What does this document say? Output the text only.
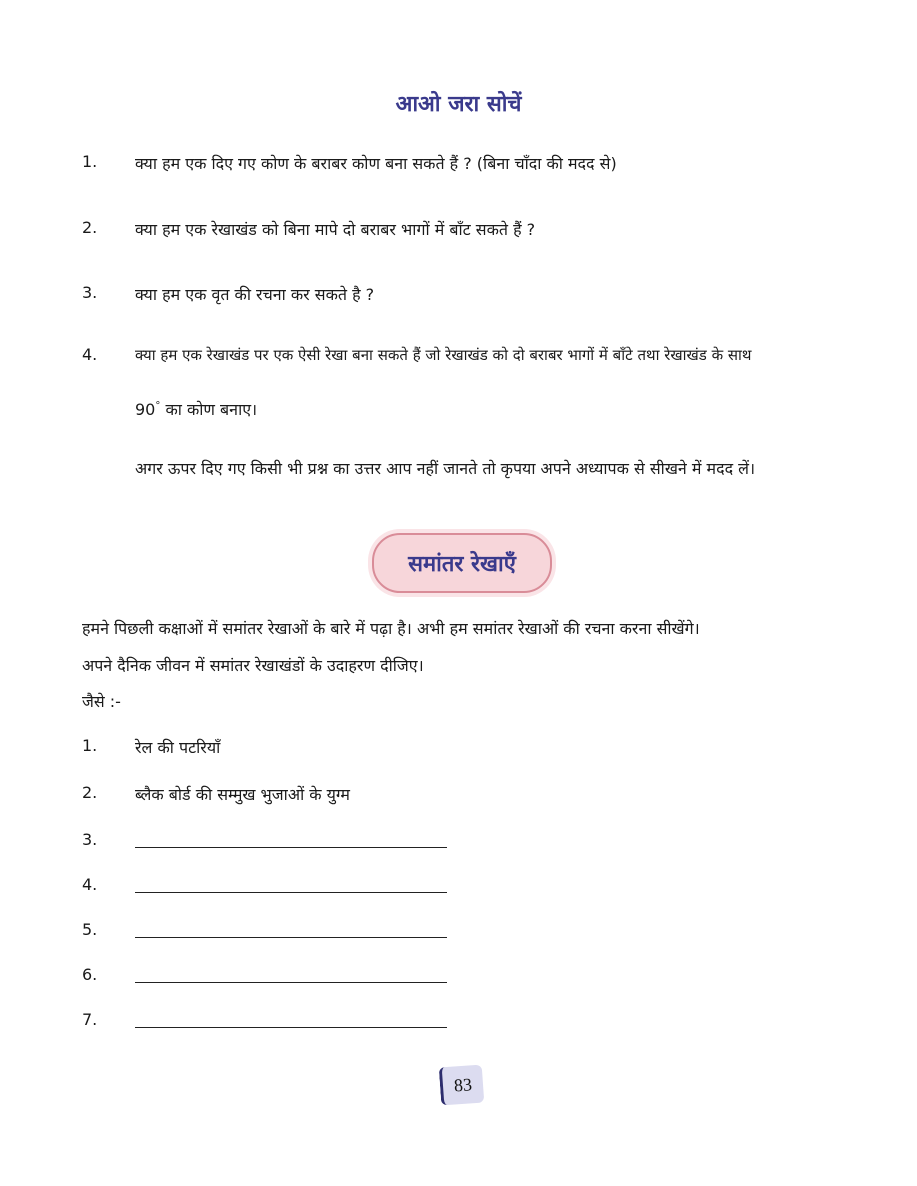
आओ जरा सोचें
1. क्या हम एक दिए गए कोण के बराबर कोण बना सकते हैं ? (बिना चाँदा की मदद से)
2. क्या हम एक रेखाखंड को बिना मापे दो बराबर भागों में बाँट सकते हैं ?
3. क्या हम एक वृत की रचना कर सकते है ?
4.	क्या हम एक रेखाखंड पर एक ऐसी रेखा बना सकते हैं जो रेखाखंड को दो बराबर भागों में बाँटे तथा रेखाखंड के साथ
90° का कोण बनाए।
अगर ऊपर दिए गए किसी भी प्रश्न का उत्तर आप नहीं जानते तो कृपया अपने अध्यापक से सीखने में मदद लें।
समांतर रेखाएँ
हमने पिछली कक्षाओं में समांतर रेखाओं के बारे में पढ़ा है। अभी हम समांतर रेखाओं की रचना करना सीखेंगे।
अपने दैनिक जीवन में समांतर रेखाखंडों के उदाहरण दीजिए।
जैसे :-
1. रेल की पटरियाँ
2. ब्लैक बोर्ड की सम्मुख भुजाओं के युग्म
3.
4.
5.
6.
7.
83
